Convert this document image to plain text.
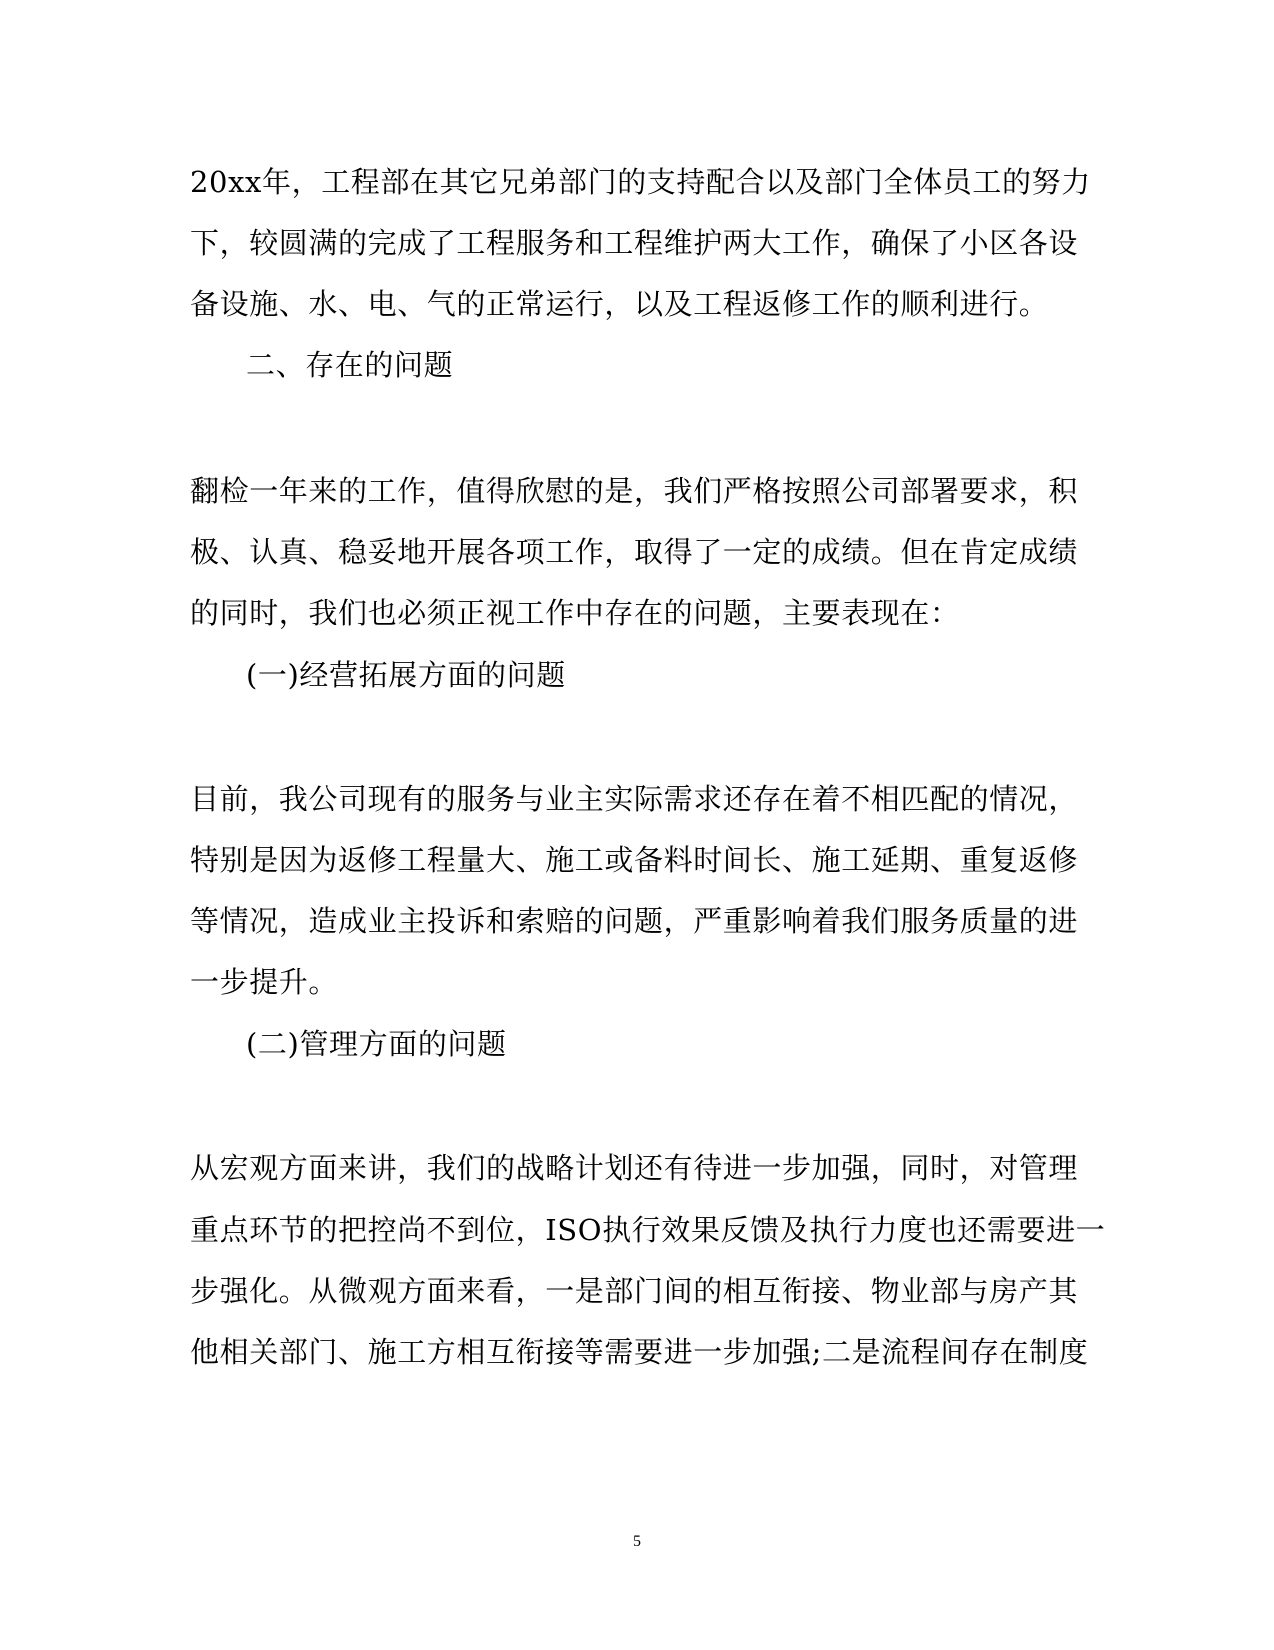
20xx年，工程部在其它兄弟部门的支持配合以及部门全体员工的努力
下，较圆满的完成了工程服务和工程维护两大工作，确保了小区各设
备设施、水、电、气的正常运行，以及工程返修工作的顺利进行。
二、存在的问题
翻检一年来的工作，值得欣慰的是，我们严格按照公司部署要求，积
极、认真、稳妥地开展各项工作，取得了一定的成绩。但在肯定成绩
的同时，我们也必须正视工作中存在的问题，主要表现在：
(一)经营拓展方面的问题
目前，我公司现有的服务与业主实际需求还存在着不相匹配的情况，
特别是因为返修工程量大、施工或备料时间长、施工延期、重复返修
等情况，造成业主投诉和索赔的问题，严重影响着我们服务质量的进
一步提升。
(二)管理方面的问题
从宏观方面来讲，我们的战略计划还有待进一步加强，同时，对管理
重点环节的把控尚不到位，ISO执行效果反馈及执行力度也还需要进一
步强化。从微观方面来看，一是部门间的相互衔接、物业部与房产其
他相关部门、施工方相互衔接等需要进一步加强;二是流程间存在制度
5
